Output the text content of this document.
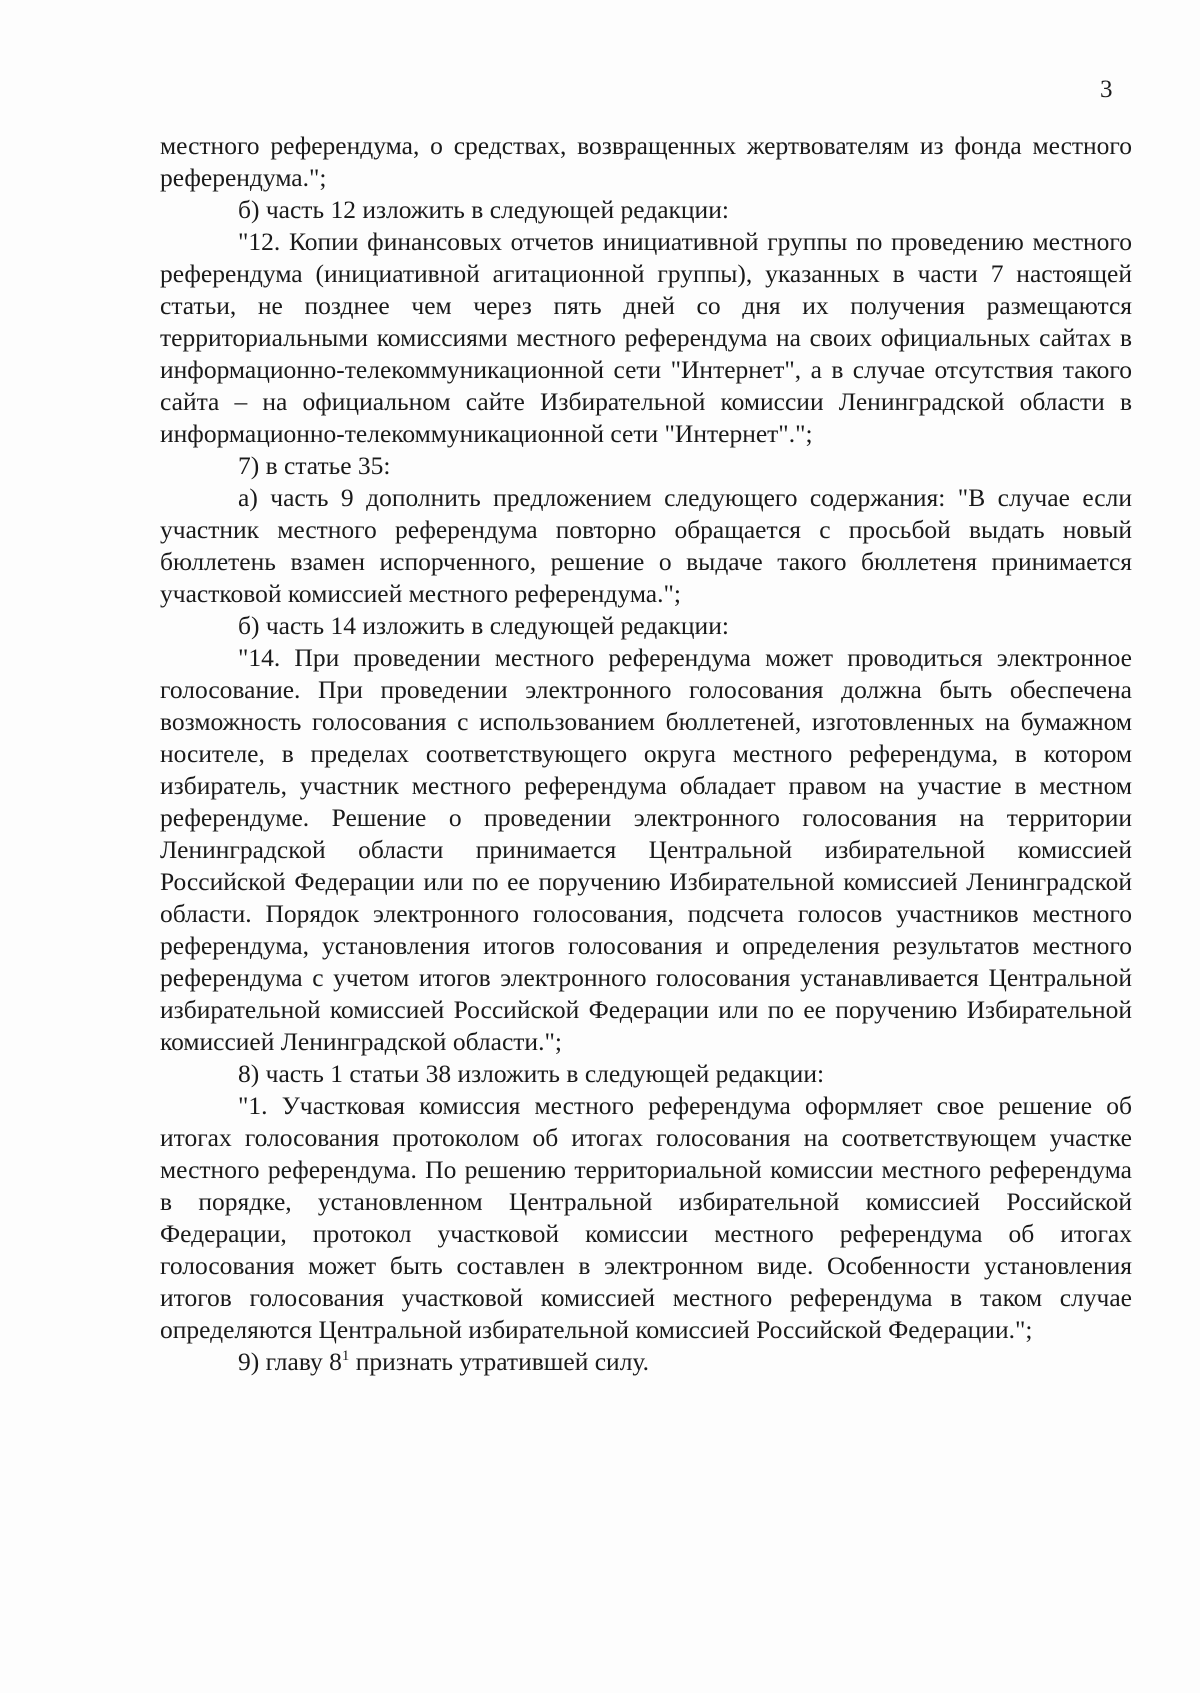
3

местного референдума, о средствах, возвращенных жертвователям из фонда местного референдума.";

б) часть 12 изложить в следующей редакции:

"12. Копии финансовых отчетов инициативной группы по проведению местного референдума (инициативной агитационной группы), указанных в части 7 настоящей статьи, не позднее чем через пять дней со дня их получения размещаются территориальными комиссиями местного референдума на своих официальных сайтах в информационно-телекоммуникационной сети "Интернет", а в случае отсутствия такого сайта – на официальном сайте Избирательной комиссии Ленинградской области в информационно-телекоммуникационной сети "Интернет".";

7) в статье 35:

а) часть 9 дополнить предложением следующего содержания: "В случае если участник местного референдума повторно обращается с просьбой выдать новый бюллетень взамен испорченного, решение о выдаче такого бюллетеня принимается участковой комиссией местного референдума.";

б) часть 14 изложить в следующей редакции:

"14. При проведении местного референдума может проводиться электронное голосование. При проведении электронного голосования должна быть обеспечена возможность голосования с использованием бюллетеней, изготовленных на бумажном носителе, в пределах соответствующего округа местного референдума, в котором избиратель, участник местного референдума обладает правом на участие в местном референдуме. Решение о проведении электронного голосования на территории Ленинградской области принимается Центральной избирательной комиссией Российской Федерации или по ее поручению Избирательной комиссией Ленинградской области. Порядок электронного голосования, подсчета голосов участников местного референдума, установления итогов голосования и определения результатов местного референдума с учетом итогов электронного голосования устанавливается Центральной избирательной комиссией Российской Федерации или по ее поручению Избирательной комиссией Ленинградской области.";

8) часть 1 статьи 38 изложить в следующей редакции:

"1. Участковая комиссия местного референдума оформляет свое решение об итогах голосования протоколом об итогах голосования на соответствующем участке местного референдума. По решению территориальной комиссии местного референдума в порядке, установленном Центральной избирательной комиссией Российской Федерации, протокол участковой комиссии местного референдума об итогах голосования может быть составлен в электронном виде. Особенности установления итогов голосования участковой комиссией местного референдума в таком случае определяются Центральной избирательной комиссией Российской Федерации.";

9) главу $8^1$ признать утратившей силу.
